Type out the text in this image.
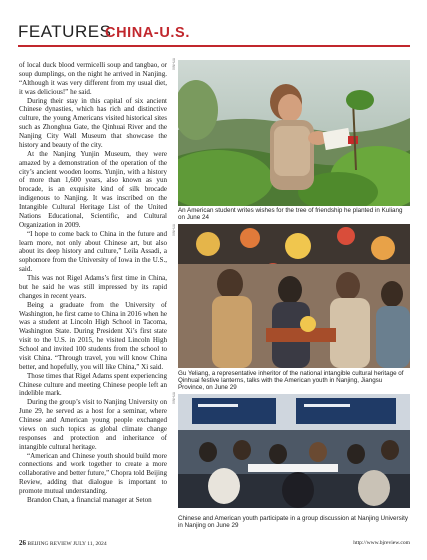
FEATURES
CHINA-U.S.

of local duck blood vermicelli soup and tangbao, or soup dumplings, on the night he arrived in Nanjing. “Although it was very different from my usual diet, it was delicious!” he said.

During their stay in this capital of six ancient Chinese dynasties, which has rich and distinctive culture, the young Americans visited historical sites such as Zhonghua Gate, the Qinhuai River and the Nanjing City Wall Museum that showcase the history and beauty of the city.

At the Nanjing Yunjin Museum, they were amazed by a demonstration of the operation of the city’s ancient wooden looms. Yunjin, with a history of more than 1,600 years, also known as yun brocade, is an exquisite kind of silk brocade indigenous to Nanjing. It was inscribed on the Intangible Cultural Heritage List of the United Nations Educational, Scientific, and Cultural Organization in 2009.

“I hope to come back to China in the future and learn more, not only about Chinese art, but also about its deep history and culture,” Leila Assadi, a sophomore from the University of Iowa in the U.S., said.

This was not Rigel Adams’s first time in China, but he said he was still impressed by its rapid changes in recent years.

Being a graduate from the University of Washington, he first came to China in 2016 when he was a student at Lincoln High School in Tacoma, Washington State. During President Xi’s first state visit to the U.S. in 2015, he visited Lincoln High School and invited 100 students from the school to visit China. “Through travel, you will know China better, and hopefully, you will like China,” Xi said.

Those times that Rigel Adams spent experiencing Chinese culture and meeting Chinese people left an indelible mark.

During the group’s visit to Nanjing University on June 29, he served as a host for a seminar, where Chinese and American young people exchanged views on such topics as global climate change responses and protection and inheritance of intangible cultural heritage.

“American and Chinese youth should build more connections and work together to create a more collaborative and better future,” Chopra told Beijing Review, adding that dialogue is important to promote mutual understanding.

Brandon Chan, a financial manager at Seton

XINHUA
An American student writes wishes for the tree of friendship he planted in Kuliang on June 24
XINHUA
Gu Yeliang, a representative inheritor of the national intangible cultural heritage of Qinhuai festive lanterns, talks with the American youth in Nanjing, Jiangsu Province, on June 29
XINHUA
Chinese and American youth participate in a group discussion at Nanjing University in Nanjing on June 29
26 BEIJING REVIEW JULY 11, 2024	http://www.bjreview.com
